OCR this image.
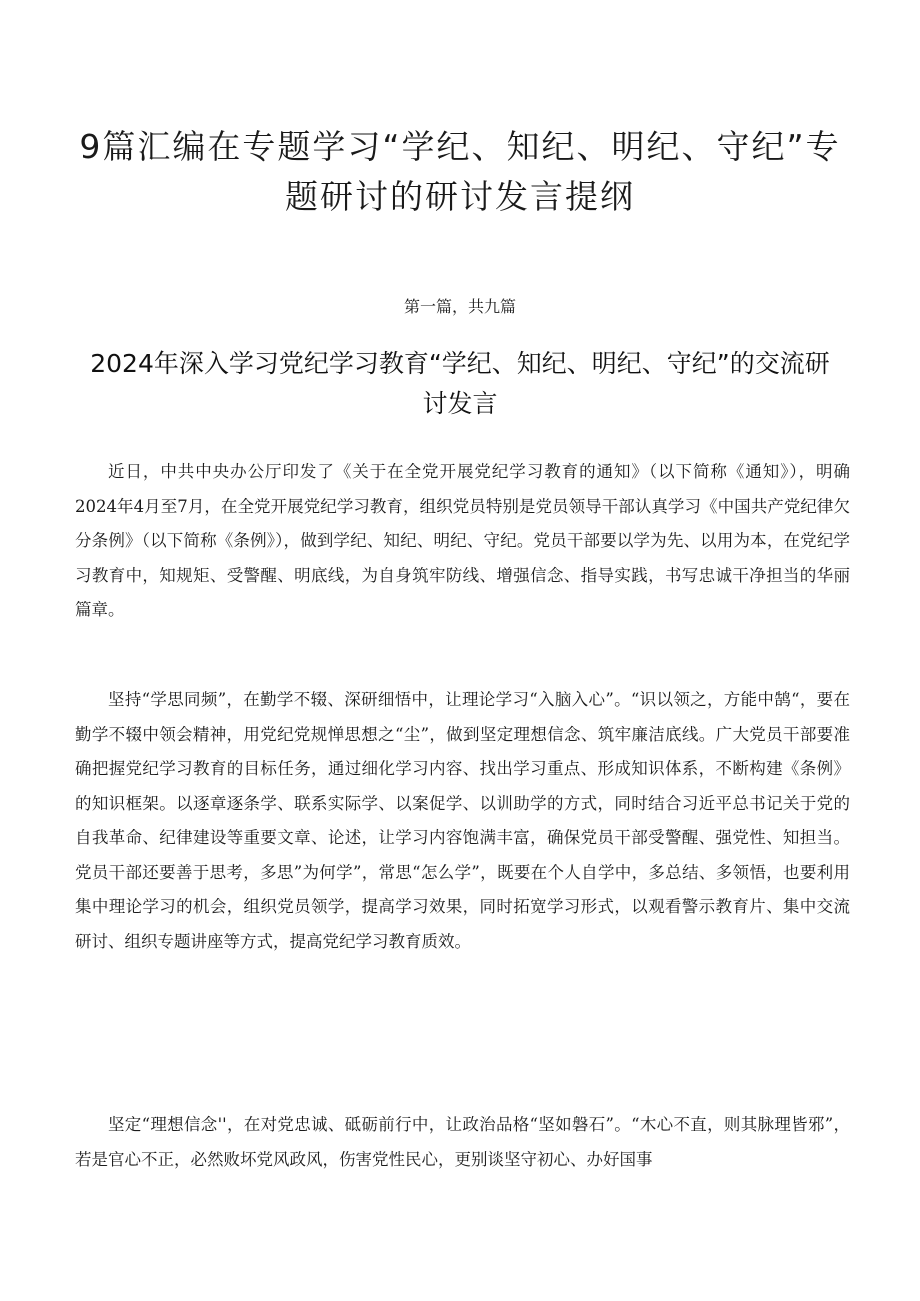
9篇汇编在专题学习“学纪、知纪、明纪、守纪”专题研讨的研讨发言提纲

第一篇，共九篇

2024年深入学习党纪学习教育“学纪、知纪、明纪、守纪”的交流研讨发言

近日，中共中央办公厅印发了《关于在全党开展党纪学习教育的通知》（以下简称《通知》），明确2024年4月至7月，在全党开展党纪学习教育，组织党员特别是党员领导干部认真学习《中国共产党纪律欠分条例》（以下简称《条例》），做到学纪、知纪、明纪、守纪。党员干部要以学为先、以用为本，在党纪学习教育中，知规矩、受警醒、明底线，为自身筑牢防线、增强信念、指导实践，书写忠诚干净担当的华丽篇章。

坚持“学思同频”，在勤学不辍、深研细悟中，让理论学习“入脑入心”。“识以领之，方能中鹄“，要在勤学不辍中领会精神，用党纪党规惮思想之“尘”，做到坚定理想信念、筑牢廉洁底线。广大党员干部要准确把握党纪学习教育的目标任务，通过细化学习内容、找出学习重点、形成知识体系，不断构建《条例》的知识框架。以逐章逐条学、联系实际学、以案促学、以训助学的方式，同时结合习近平总书记关于党的自我革命、纪律建设等重要文章、论述，让学习内容饱满丰富，确保党员干部受警醒、强党性、知担当。党员干部还要善于思考，多思”为何学”，常思“怎么学”，既要在个人自学中，多总结、多领悟，也要利用集中理论学习的机会，组织党员领学，提高学习效果，同时拓宽学习形式，以观看警示教育片、集中交流研讨、组织专题讲座等方式，提高党纪学习教育质效。

坚定“理想信念''，在对党忠诚、砥砺前行中，让政治品格“坚如磐石”。“木心不直，则其脉理皆邪”，若是官心不正，必然败坏党风政风，伤害党性民心，更别谈坚守初心、办好国事
